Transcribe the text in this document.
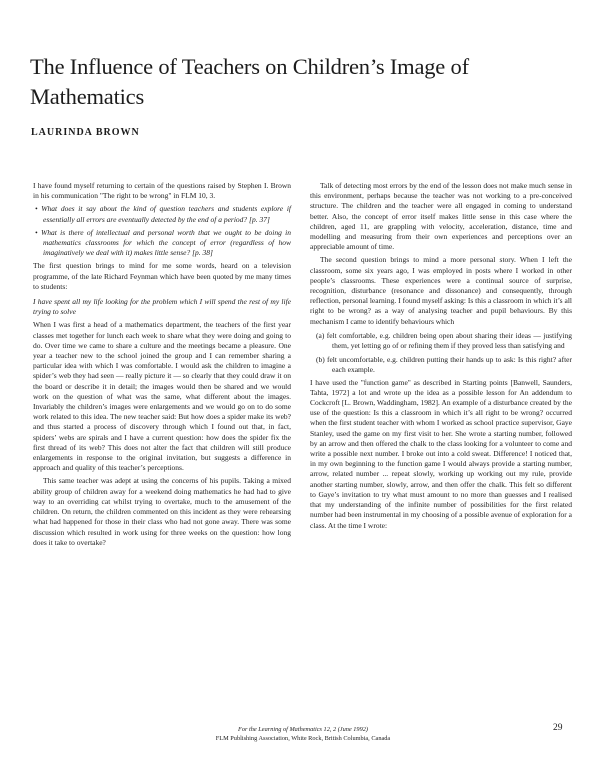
The Influence of Teachers on Children’s Image of Mathematics
LAURINDA BROWN

I have found myself returning to certain of the questions raised by Stephen I. Brown in his communication "The right to be wrong" in FLM 10, 3.

• What does it say about the kind of question teachers and students explore if essentially all errors are eventually detected by the end of a period? [p. 37]

• What is there of intellectual and personal worth that we ought to be doing in mathematics classrooms for which the concept of error (regardless of how imaginatively we deal with it) makes little sense? [p. 38]

The first question brings to mind for me some words, heard on a television programme, of the late Richard Feynman which have been quoted by me many times to students:

I have spent all my life looking for the problem which I will spend the rest of my life trying to solve

When I was first a head of a mathematics department, the teachers of the first year classes met together for lunch each week to share what they were doing and going to do. Over time we came to share a culture and the meetings became a pleasure. One year a teacher new to the school joined the group and I can remember sharing a particular idea with which I was comfortable. I would ask the children to imagine a spider’s web they had seen — really picture it — so clearly that they could draw it on the board or describe it in detail; the images would then be shared and we would work on the question of what was the same, what different about the images. Invariably the children’s images were enlargements and we would go on to do some work related to this idea. The new teacher said: But how does a spider make its web? and thus started a process of discovery through which I found out that, in fact, spiders’ webs are spirals and I have a current question: how does the spider fix the first thread of its web? This does not alter the fact that children will still produce enlargements in response to the original invitation, but suggests a difference in approach and quality of this teacher’s perceptions.

This same teacher was adept at using the concerns of his pupils. Taking a mixed ability group of children away for a weekend doing mathematics he had had to give way to an overriding cat whilst trying to overtake, much to the amusement of the children. On return, the children commented on this incident as they were rehearsing what had happened for those in their class who had not gone away. There was some discussion which resulted in work using for three weeks on the question: how long does it take to overtake?

Talk of detecting most errors by the end of the lesson does not make much sense in this environment, perhaps because the teacher was not working to a pre-conceived structure. The children and the teacher were all engaged in coming to understand better. Also, the concept of error itself makes little sense in this case where the children, aged 11, are grappling with velocity, acceleration, distance, time and modelling and measuring from their own experiences and perceptions over an appreciable amount of time.

The second question brings to mind a more personal story. When I left the classroom, some six years ago, I was employed in posts where I worked in other people’s classrooms. These experiences were a continual source of surprise, recognition, disturbance (resonance and dissonance) and consequently, through reflection, personal learning. I found myself asking: Is this a classroom in which it’s all right to be wrong? as a way of analysing teacher and pupil behaviours. By this mechanism I came to identify behaviours which

(a) felt comfortable, e.g. children being open about sharing their ideas — justifying them, yet letting go of or refining them if they proved less than satisfying and

(b) felt uncomfortable, e.g. children putting their hands up to ask: Is this right? after each example.

I have used the "function game" as described in Starting points [Banwell, Saunders, Tahta, 1972] a lot and wrote up the idea as a possible lesson for An addendum to Cockcroft [L. Brown, Waddingham, 1982]. An example of a disturbance created by the use of the question: Is this a classroom in which it’s all right to be wrong? occurred when the first student teacher with whom I worked as school practice supervisor, Gaye Stanley, used the game on my first visit to her. She wrote a starting number, followed by an arrow and then offered the chalk to the class looking for a volunteer to come and write a possible next number. I broke out into a cold sweat. Difference! I noticed that, in my own beginning to the function game I would always provide a starting number, arrow, related number ... repeat slowly, working up working out my rule, provide another starting number, slowly, arrow, and then offer the chalk. This felt so different to Gaye’s invitation to try what must amount to no more than guesses and I realised that my understanding of the infinite number of possibilities for the first related number had been instrumental in my choosing of a possible avenue of exploration for a class. At the time I wrote:

For the Learning of Mathematics 12, 2 (June 1992)
FLM Publishing Association, White Rock, British Columbia, Canada
29
